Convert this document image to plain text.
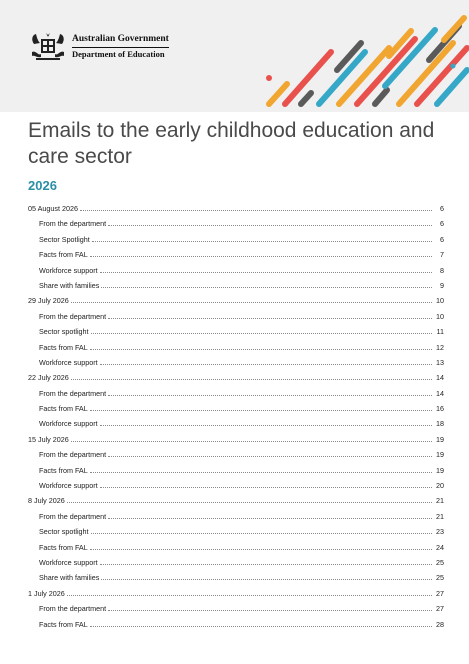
Australian Government
Department of Education
Emails to the early childhood education and care sector
2026
05 August 2026	6
From the department	6
Sector Spotlight	6
Facts from FAL	7
Workforce support	8
Share with families	9
29 July 2026	10
From the department	10
Sector spotlight	11
Facts from FAL	12
Workforce support	13
22 July 2026	14
From the department	14
Facts from FAL	16
Workforce support	18
15 July 2026	19
From the department	19
Facts from FAL	19
Workforce support	20
8 July 2026	21
From the department	21
Sector spotlight	23
Facts from FAL	24
Workforce support	25
Share with families	25
1 July 2026	27
From the department	27
Facts from FAL	28
